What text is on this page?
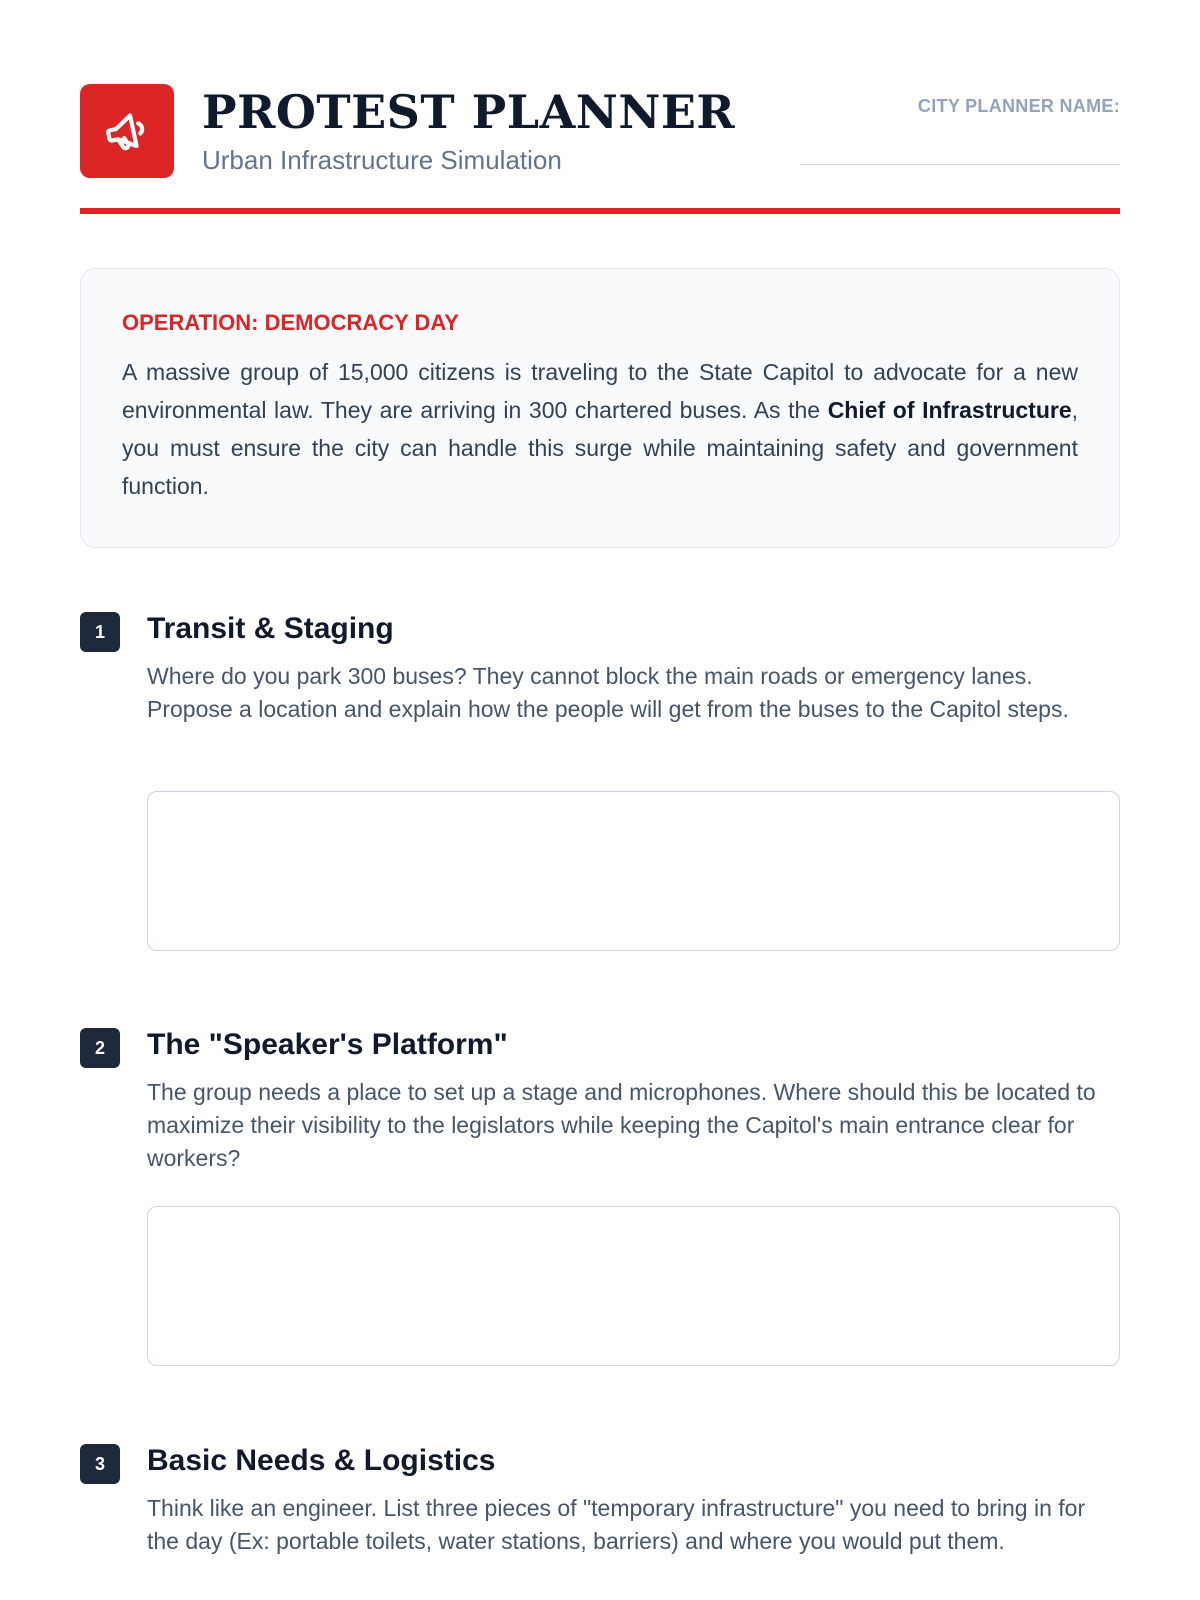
PROTEST PLANNER
Urban Infrastructure Simulation
CITY PLANNER NAME:
OPERATION: DEMOCRACY DAY

A massive group of 15,000 citizens is traveling to the State Capitol to advocate for a new environmental law. They are arriving in 300 chartered buses. As the Chief of Infrastructure, you must ensure the city can handle this surge while maintaining safety and government function.

1	Transit & Staging
Where do you park 300 buses? They cannot block the main roads or emergency lanes. Propose a location and explain how the people will get from the buses to the Capitol steps.
2	The "Speaker's Platform"
The group needs a place to set up a stage and microphones. Where should this be located to maximize their visibility to the legislators while keeping the Capitol's main entrance clear for workers?
3	Basic Needs & Logistics
Think like an engineer. List three pieces of "temporary infrastructure" you need to bring in for the day (Ex: portable toilets, water stations, barriers) and where you would put them.
